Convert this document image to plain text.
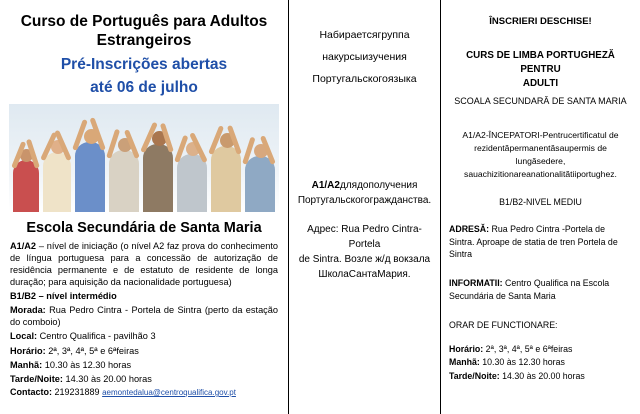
Curso de Português para Adultos Estrangeiros
Pré-Inscrições abertas
até 06 de julho
Escola Secundária de Santa Maria

A1/A2 – nível de iniciação (o nível A2 faz prova do conhecimento de língua portuguesa para a concessão de autorização de residência permanente e de estatuto de residente de longa duração; para aquisição da nacionalidade portuguesa)

B1/B2 – nível intermédio

Morada: Rua Pedro Cintra - Portela de Sintra (perto da estação do comboio)

Local: Centro Qualifica - pavilhão 3

Horário: 2ª, 3ª, 4ª, 5ª e 6ªfeiras

Manhã: 10.30 às 12.30 horas

Tarde/Noite: 14.30 às 20.00 horas

Contacto: 219231889 aemontedalua@centroqualifica.gov.pt

Набираетсягруппа
накурсыизучения
Португальскогоязыка
А1/А2длядополучения
Португальскогогражданства.
Адрес: Rua Pedro Cintra-Portela
de Sintra. Возле ж/д вокзала
ШколаСантаМария.
ÎNSCRIERI DESCHISE!
CURS DE LIMBA PORTUGHEZĂ PENTRU
ADULTI
SCOALA SECUNDARĂ DE SANTA MARIA
A1/A2-ÎNCEPATORI-Pentrucertificatul de rezidentăpermanentăsaupermis de lungăsedere, sauachizitionareanationalitătiiportughez.
B1/B2-NIVEL MEDIU
ADRESĂ: Rua Pedro Cintra -Portela de Sintra. Aproape de statia de tren Portela de Sintra
INFORMATII: Centro Qualifica na Escola Secundária de Santa Maria
ORAR DE FUNCTIONARE:
Horário: 2ª, 3ª, 4ª, 5ª e 6ªfeiras
Manhã: 10.30 às 12.30 horas
Tarde/Noite: 14.30 às 20.00 horas
